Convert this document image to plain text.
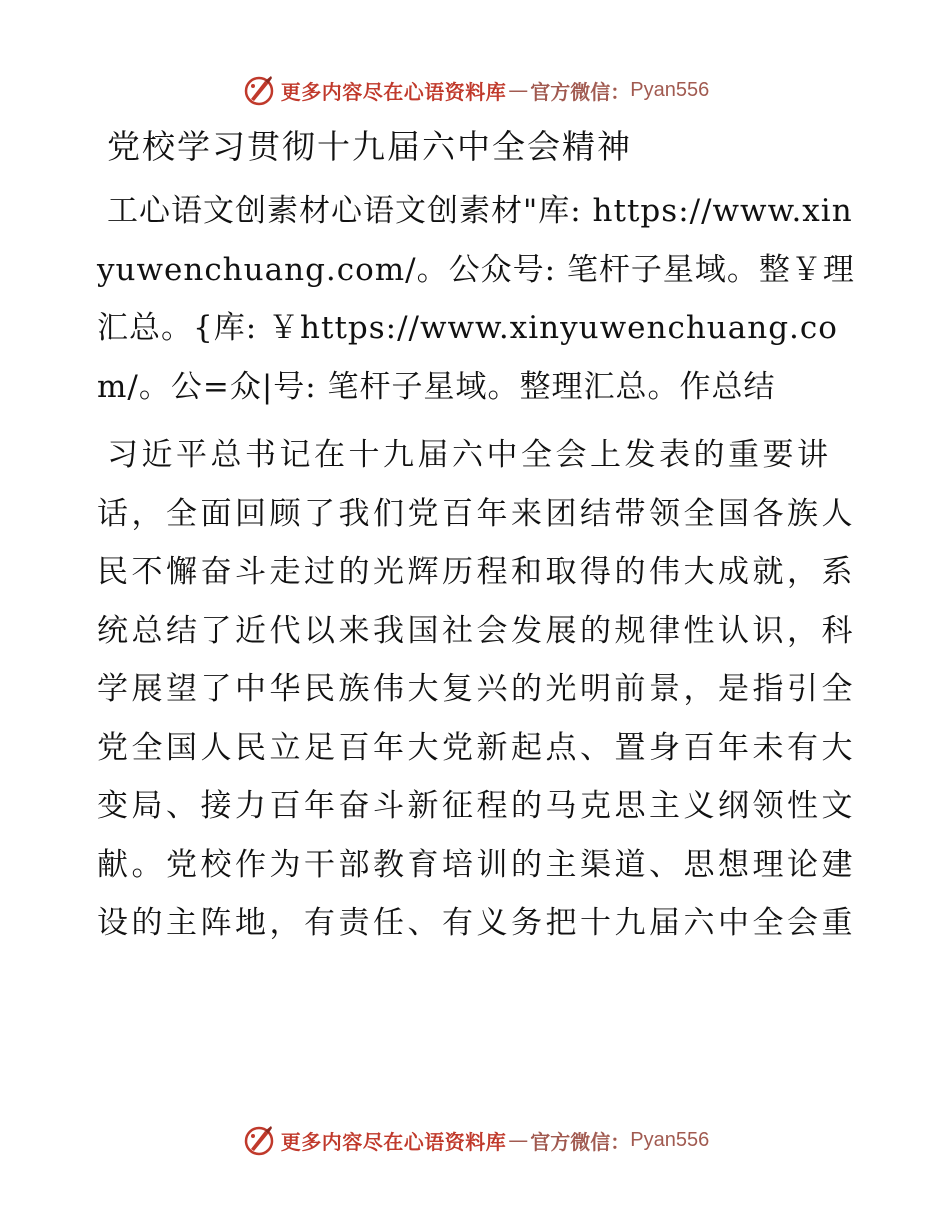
更多内容尽在心语资料库 — 官方微信： Pyan556
党校学习贯彻十九届六中全会精神

工心语文创素材心语文创素材"库: https://www.xinyuwenchuang.com/。公众号: 笔杆子星域。整￥理汇总。{库: ￥https://www.xinyuwenchuang.com/。公=众|号: 笔杆子星域。整理汇总。作总结

习近平总书记在十九届六中全会上发表的重要讲话，全面回顾了我们党百年来团结带领全国各族人民不懈奋斗走过的光辉历程和取得的伟大成就，系统总结了近代以来我国社会发展的规律性认识，科学展望了中华民族伟大复兴的光明前景，是指引全党全国人民立足百年大党新起点、置身百年未有大变局、接力百年奋斗新征程的马克思主义纲领性文献。党校作为干部教育培训的主渠道、思想理论建设的主阵地，有责任、有义务把十九届六中全会重

更多内容尽在心语资料库 — 官方微信： Pyan556
